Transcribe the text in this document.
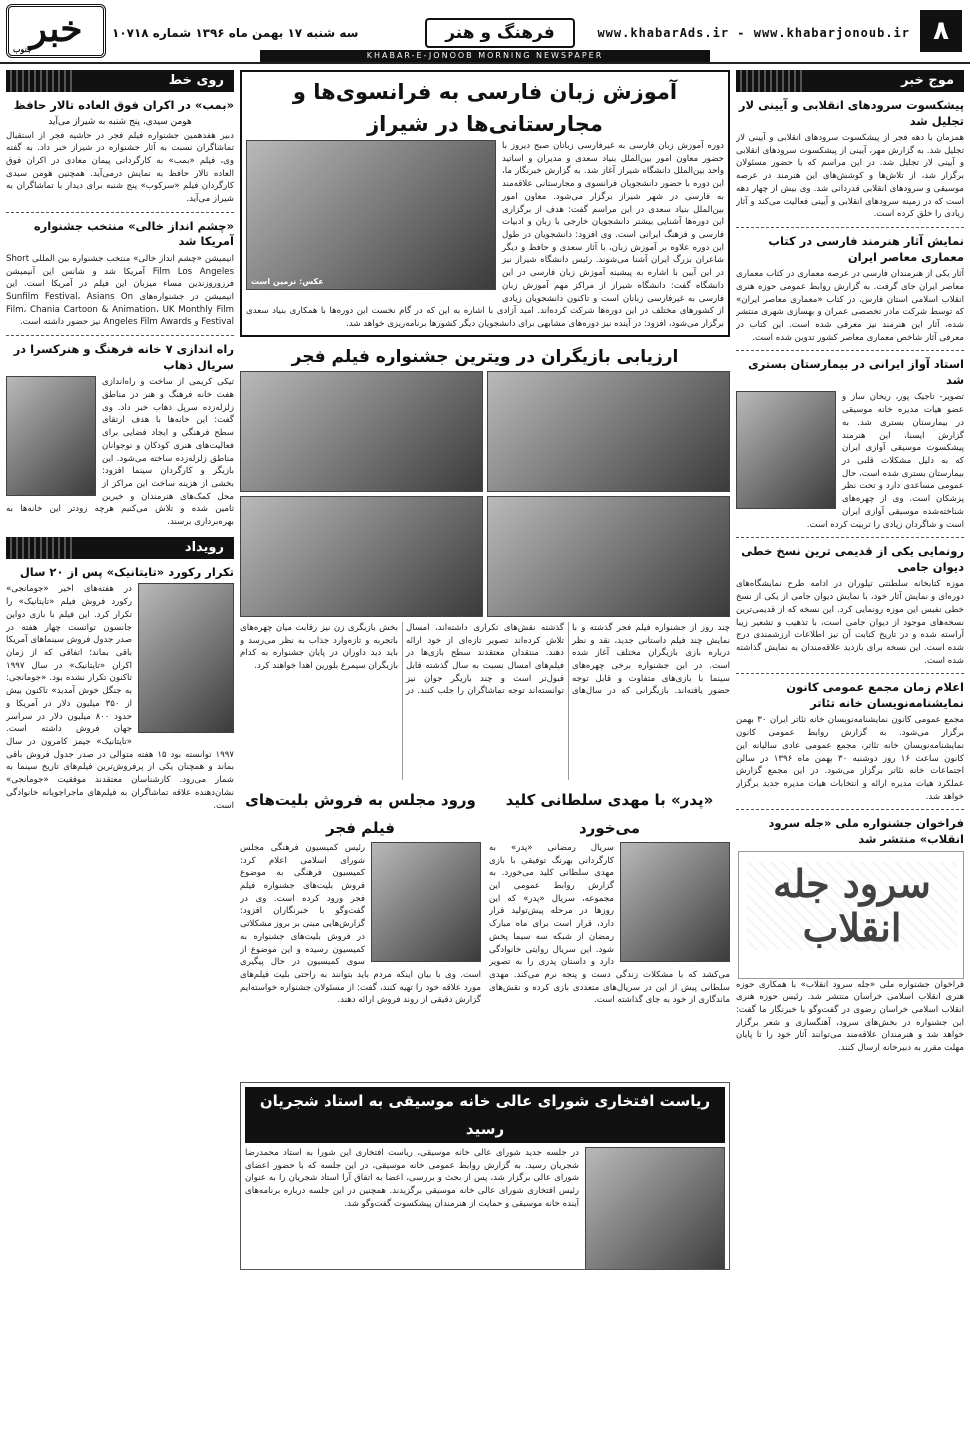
۸
www.khabarAds.ir - www.khabarjonoub.ir
فرهنگ و هنر
سه شنبه ۱۷ بهمن ماه ۱۳۹۶ شماره ۱۰۷۱۸
خبر
جنوب
KHABAR-E-JONOOB MORNING NEWSPAPER
موج خبر
پیشکسوت سرودهای انقلابی و آیینی لار تجلیل شد
همزمان با دهه فجر از پیشکسوت سرودهای انقلابی و آیینی لار تجلیل شد. به گزارش مهر، آیینی از پیشکسوت سرودهای انقلابی و آیینی لار تجلیل شد. در این مراسم که با حضور مسئولان برگزار شد، از تلاش‌ها و کوشش‌های این هنرمند در عرصه موسیقی و سرودهای انقلابی قدردانی شد. وی بیش از چهار دهه است که در زمینه سرودهای انقلابی و آیینی فعالیت می‌کند و آثار زیادی را خلق کرده است.
نمایش آثار هنرمند فارسی در کتاب معماری معاصر ایران
آثار یکی از هنرمندان فارسی در عرصه معماری در کتاب معماری معاصر ایران جای گرفت. به گزارش روابط عمومی حوزه هنری انقلاب اسلامی استان فارس، در کتاب «معماری معاصر ایران» که توسط شرکت مادر تخصصی عمران و بهسازی شهری منتشر شده، آثار این هنرمند نیز معرفی شده است. این کتاب در معرفی آثار شاخص معماری معاصر کشور تدوین شده است.
استاد آواز ایرانی در بیمارستان بستری شد
تصویر- تاجیک پور، ریحان ساز و عضو هیات مدیره خانه موسیقی در بیمارستان بستری شد. به گزارش ایسنا، این هنرمند پیشکسوت موسیقی آوازی ایران که به دلیل مشکلات قلبی در بیمارستان بستری شده است، حال عمومی مساعدی دارد و تحت نظر پزشکان است. وی از چهره‌های شناخته‌شده موسیقی آوازی ایران است و شاگردان زیادی را تربیت کرده است.
رونمایی یکی از قدیمی ترین نسخ خطی دیوان جامی
موزه کتابخانه سلطنتی تیلوران در ادامه طرح نمایشگاه‌های دوره‌ای و نمایش آثار خود، با نمایش دیوان جامی از یکی از نسخ خطی نفیس این موزه رونمایی کرد. این نسخه که از قدیمی‌ترین نسخه‌های موجود از دیوان جامی است، با تذهیب و تشعیر زیبا آراسته شده و در تاریخ کتابت آن نیز اطلاعات ارزشمندی درج شده است. این نسخه برای بازدید علاقه‌مندان به نمایش گذاشته شده است.
اعلام زمان مجمع عمومی کانون نمایشنامه‌نویسان خانه تئاتر
مجمع عمومی کانون نمایشنامه‌نویسان خانه تئاتر ایران ۳۰ بهمن برگزار می‌شود. به گزارش روابط عمومی کانون نمایشنامه‌نویسان خانه تئاتر، مجمع عمومی عادی سالیانه این کانون ساعت ۱۶ روز دوشنبه ۳۰ بهمن ماه ۱۳۹۶ در سالن اجتماعات خانه تئاتر برگزار می‌شود. در این مجمع گزارش عملکرد هیات مدیره ارائه و انتخابات هیات مدیره جدید برگزار خواهد شد.
فراخوان جشنواره ملی «جله سرود انقلاب» منتشر شد
سرود جله انقلاب
فراخوان جشنواره ملی «جله سرود انقلاب» با همکاری حوزه هنری انقلاب اسلامی خراسان منتشر شد. رئیس حوزه هنری انقلاب اسلامی خراسان رضوی در گفت‌وگو با خبرنگار ما گفت: این جشنواره در بخش‌های سرود، آهنگسازی و شعر برگزار خواهد شد و هنرمندان علاقه‌مند می‌توانند آثار خود را تا پایان مهلت مقرر به دبیرخانه ارسال کنند.
آموزش زبان فارسی به فرانسوی‌ها و مجارستانی‌ها در شیراز
عکس: نرمین است
دوره آموزش زبان فارسی به غیرفارسی زبانان صبح دیروز با حضور معاون امور بین‌الملل بنیاد سعدی و مدیران و اساتید واحد بین‌الملل دانشگاه شیراز آغاز شد. به گزارش خبرنگار ما، این دوره با حضور دانشجویان فرانسوی و مجارستانی علاقه‌مند به فارسی در شهر شیراز برگزار می‌شود. معاون امور بین‌الملل بنیاد سعدی در این مراسم گفت: هدف از برگزاری این دوره‌ها آشنایی بیشتر دانشجویان خارجی با زبان و ادبیات فارسی و فرهنگ ایرانی است. وی افزود: دانشجویان در طول این دوره علاوه بر آموزش زبان، با آثار سعدی و حافظ و دیگر شاعران بزرگ ایران آشنا می‌شوند. رئیس دانشگاه شیراز نیز در این آیین با اشاره به پیشینه آموزش زبان فارسی در این دانشگاه گفت: دانشگاه شیراز از مراکز مهم آموزش زبان فارسی به غیرفارسی زبانان است و تاکنون دانشجویان زیادی از کشورهای مختلف در این دوره‌ها شرکت کرده‌اند. امید آزادی با اشاره به این که در گام نخست این دوره‌ها با همکاری بنیاد سعدی برگزار می‌شود، افزود: در آینده نیز دوره‌های مشابهی برای دانشجویان دیگر کشورها برنامه‌ریزی خواهد شد.
ارزیابی بازیگران در ویترین جشنواره فیلم فجر
چند روز از جشنواره فیلم فجر گذشته و با نمایش چند فیلم داستانی جدید، نقد و نظر درباره بازی بازیگران مختلف آغاز شده است. در این جشنواره برخی چهره‌های سینما با بازی‌های متفاوت و قابل توجه حضور یافته‌اند. بازیگرانی که در سال‌های گذشته نقش‌های تکراری داشته‌اند، امسال تلاش کرده‌اند تصویر تازه‌ای از خود ارائه دهند. منتقدان معتقدند سطح بازی‌ها در فیلم‌های امسال نسبت به سال گذشته قابل قبول‌تر است و چند بازیگر جوان نیز توانسته‌اند توجه تماشاگران را جلب کنند. در بخش بازیگری زن نیز رقابت میان چهره‌های باتجربه و تازه‌وارد جذاب به نظر می‌رسد و باید دید داوران در پایان جشنواره به کدام بازیگران سیمرغ بلورین اهدا خواهند کرد.
«پدر» با مهدی سلطانی کلید می‌خورد
سریال رمضانی «پدر» به کارگردانی بهرنگ توفیقی با بازی مهدی سلطانی کلید می‌خورد. به گزارش روابط عمومی این مجموعه، سریال «پدر» که این روزها در مرحله پیش‌تولید قرار دارد، قرار است برای ماه مبارک رمضان از شبکه سه سیما پخش شود. این سریال روایتی خانوادگی دارد و داستان پدری را به تصویر می‌کشد که با مشکلات زندگی دست و پنجه نرم می‌کند. مهدی سلطانی پیش از این در سریال‌های متعددی بازی کرده و نقش‌های ماندگاری از خود به جای گذاشته است.
ورود مجلس به فروش بلیت‌های فیلم فجر
رئیس کمیسیون فرهنگی مجلس شورای اسلامی اعلام کرد: کمیسیون فرهنگی به موضوع فروش بلیت‌های جشنواره فیلم فجر ورود کرده است. وی در گفت‌وگو با خبرنگاران افزود: گزارش‌هایی مبنی بر بروز مشکلاتی در فروش بلیت‌های جشنواره به کمیسیون رسیده و این موضوع از سوی کمیسیون در حال پیگیری است. وی با بیان اینکه مردم باید بتوانند به راحتی بلیت فیلم‌های مورد علاقه خود را تهیه کنند، گفت: از مسئولان جشنواره خواسته‌ایم گزارش دقیقی از روند فروش ارائه دهند.
ریاست افتخاری شورای عالی خانه موسیقی به استاد شجریان رسید
در جلسه جدید شورای عالی خانه موسیقی، ریاست افتخاری این شورا به استاد محمدرضا شجریان رسید. به گزارش روابط عمومی خانه موسیقی، در این جلسه که با حضور اعضای شورای عالی برگزار شد، پس از بحث و بررسی، اعضا به اتفاق آرا استاد شجریان را به عنوان رئیس افتخاری شورای عالی خانه موسیقی برگزیدند. همچنین در این جلسه درباره برنامه‌های آینده خانه موسیقی و حمایت از هنرمندان پیشکسوت گفت‌وگو شد.
روی خط
«بمب» در اکران فوق العاده تالار حافظ
هومن سیدی، پنج شنبه به شیراز می‌آید
دبیر هفدهمین جشنواره فیلم فجر در حاشیه فجر از استقبال تماشاگران نسبت به آثار جشنواره در شیراز خبر داد. به گفته وی، فیلم «بمب» به کارگردانی پیمان معادی در اکران فوق العاده تالار حافظ به نمایش درمی‌آید. همچنین هومن سیدی کارگردان فیلم «سرکوب» پنج شنبه برای دیدار با تماشاگران به شیراز می‌آید.
«چشم انداز خالی» منتخب جشنواره آمریکا شد
انیمیشن «چشم انداز خالی» منتخب جشنواره بین المللی Short Film Los Angeles آمریکا شد و شانس این آنیمیشن فرزوروزندین مساء میزبان این فیلم در آمریکا است. این انیمیشن در جشنواره‌های Sunfilm Festival، Asians On Film، Chania Cartoon & Animation، UK Monthly Film Festival و Angeles Film Awards نیز حضور داشته است.
راه اندازی ۷ خانه فرهنگ و هنرکسرا در سریال ذهاب
تیکی کریمی از ساخت و راه‌اندازی هفت خانه فرهنگ و هنر در مناطق زلزله‌زده سرپل ذهاب خبر داد. وی گفت: این خانه‌ها با هدف ارتقای سطح فرهنگی و ایجاد فضایی برای فعالیت‌های هنری کودکان و نوجوانان مناطق زلزله‌زده ساخته می‌شود. این بازیگر و کارگردان سینما افزود: بخشی از هزینه ساخت این مراکز از محل کمک‌های هنرمندان و خیرین تامین شده و تلاش می‌کنیم هرچه زودتر این خانه‌ها به بهره‌برداری برسند.
رویداد
تکرار رکورد «تایتانیک» پس از ۲۰ سال
در هفته‌های اخیر «جومانجی» رکورد فروش فیلم «تایتانیک» را تکرار کرد. این فیلم با بازی دواین جانسون توانست چهار هفته در صدر جدول فروش سینماهای آمریکا باقی بماند؛ اتفاقی که از زمان اکران «تایتانیک» در سال ۱۹۹۷ تاکنون تکرار نشده بود. «جومانجی: به جنگل خوش آمدید» تاکنون بیش از ۳۵۰ میلیون دلار در آمریکا و حدود ۸۰۰ میلیون دلار در سراسر جهان فروش داشته است. «تایتانیک» جیمز کامرون در سال ۱۹۹۷ توانسته بود ۱۵ هفته متوالی در صدر جدول فروش باقی بماند و همچنان یکی از پرفروش‌ترین فیلم‌های تاریخ سینما به شمار می‌رود. کارشناسان معتقدند موفقیت «جومانجی» نشان‌دهنده علاقه تماشاگران به فیلم‌های ماجراجویانه خانوادگی است.
